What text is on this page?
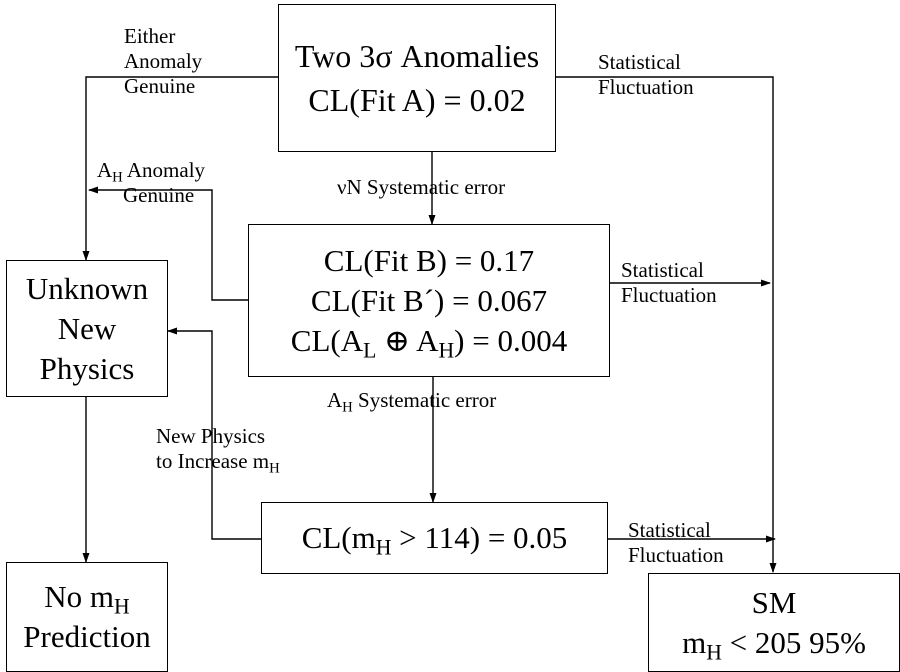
Two 3σ Anomalies
CL(Fit A) = 0.02
CL(Fit B) = 0.17
CL(Fit B´) = 0.067
$CL(A_L$ ⊕ $A_H) = 0.004$
$CL(m_H > 114) = 0.05$
Unknown
New
Physics
No $m_H$
Prediction
SM
$m_H < 205$ 95%
Either
Anomaly
Genuine
Statistical
Fluctuation
$A_H$ Anomaly
Genuine	νN Systematic error
Statistical
Fluctuation
$A_H$ Systematic error
New Physics
to Increase $m_H$
Statistical
Fluctuation
